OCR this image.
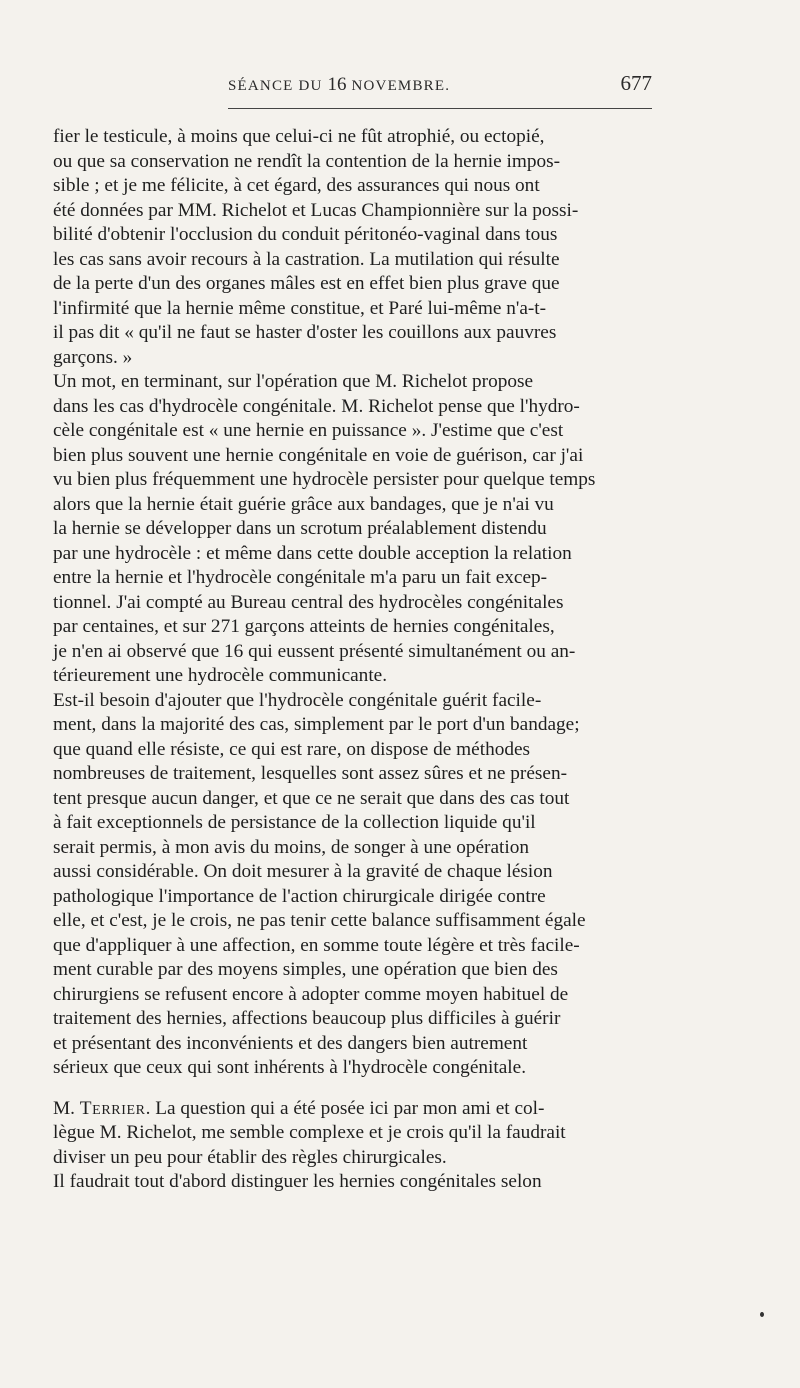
SÉANCE DU 16 NOVEMBRE.	677
fier le testicule, à moins que celui-ci ne fût atrophié, ou ectopié,
ou que sa conservation ne rendît la contention de la hernie impos-
sible ; et je me félicite, à cet égard, des assurances qui nous ont
été données par MM. Richelot et Lucas Championnière sur la possi-
bilité d'obtenir l'occlusion du conduit péritonéo-vaginal dans tous
les cas sans avoir recours à la castration. La mutilation qui résulte
de la perte d'un des organes mâles est en effet bien plus grave que
l'infirmité que la hernie même constitue, et Paré lui-même n'a-t-
il pas dit « qu'il ne faut se haster d'oster les couillons aux pauvres
garçons. »
Un mot, en terminant, sur l'opération que M. Richelot propose
dans les cas d'hydrocèle congénitale. M. Richelot pense que l'hydro-
cèle congénitale est « une hernie en puissance ». J'estime que c'est
bien plus souvent une hernie congénitale en voie de guérison, car j'ai
vu bien plus fréquemment une hydrocèle persister pour quelque temps
alors que la hernie était guérie grâce aux bandages, que je n'ai vu
la hernie se développer dans un scrotum préalablement distendu
par une hydrocèle : et même dans cette double acception la relation
entre la hernie et l'hydrocèle congénitale m'a paru un fait excep-
tionnel. J'ai compté au Bureau central des hydrocèles congénitales
par centaines, et sur 271 garçons atteints de hernies congénitales,
je n'en ai observé que 16 qui eussent présenté simultanément ou an-
térieurement une hydrocèle communicante.
Est-il besoin d'ajouter que l'hydrocèle congénitale guérit facile-
ment, dans la majorité des cas, simplement par le port d'un bandage;
que quand elle résiste, ce qui est rare, on dispose de méthodes
nombreuses de traitement, lesquelles sont assez sûres et ne présen-
tent presque aucun danger, et que ce ne serait que dans des cas tout
à fait exceptionnels de persistance de la collection liquide qu'il
serait permis, à mon avis du moins, de songer à une opération
aussi considérable. On doit mesurer à la gravité de chaque lésion
pathologique l'importance de l'action chirurgicale dirigée contre
elle, et c'est, je le crois, ne pas tenir cette balance suffisamment égale
que d'appliquer à une affection, en somme toute légère et très facile-
ment curable par des moyens simples, une opération que bien des
chirurgiens se refusent encore à adopter comme moyen habituel de
traitement des hernies, affections beaucoup plus difficiles à guérir
et présentant des inconvénients et des dangers bien autrement
sérieux que ceux qui sont inhérents à l'hydrocèle congénitale.
M. Terrier. La question qui a été posée ici par mon ami et col-
lègue M. Richelot, me semble complexe et je crois qu'il la faudrait
diviser un peu pour établir des règles chirurgicales.
Il faudrait tout d'abord distinguer les hernies congénitales selon
